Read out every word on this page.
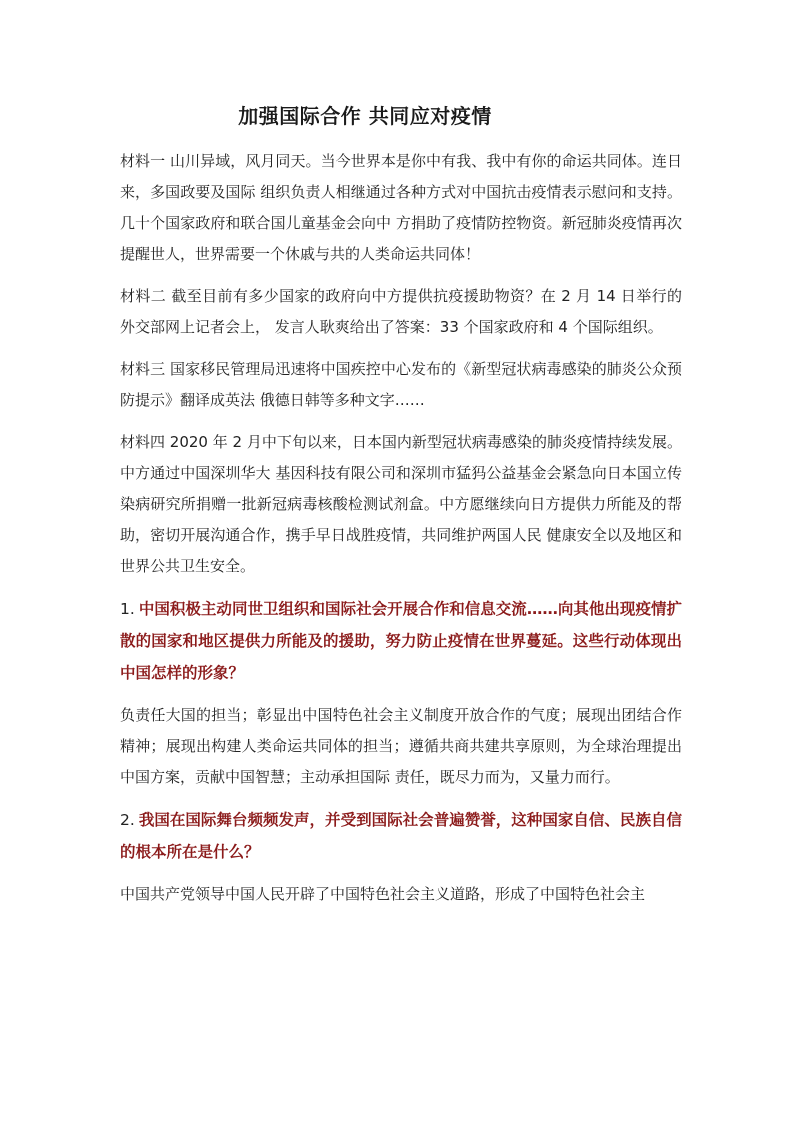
加强国际合作 共同应对疫情

材料一 山川异域，风月同天。当今世界本是你中有我、我中有你的命运共同体。连日来，多国政要及国际 组织负责人相继通过各种方式对中国抗击疫情表示慰问和支持。几十个国家政府和联合国儿童基金会向中 方捐助了疫情防控物资。新冠肺炎疫情再次提醒世人，世界需要一个休戚与共的人类命运共同体！

材料二 截至目前有多少国家的政府向中方提供抗疫援助物资？在 2 月 14 日举行的外交部网上记者会上， 发言人耿爽给出了答案：33 个国家政府和 4 个国际组织。

材料三 国家移民管理局迅速将中国疾控中心发布的《新型冠状病毒感染的肺炎公众预防提示》翻译成英法 俄德日韩等多种文字……

材料四 2020 年 2 月中下旬以来，日本国内新型冠状病毒感染的肺炎疫情持续发展。中方通过中国深圳华大 基因科技有限公司和深圳市猛犸公益基金会紧急向日本国立传染病研究所捐赠一批新冠病毒核酸检测试剂盒。中方愿继续向日方提供力所能及的帮助，密切开展沟通合作，携手早日战胜疫情，共同维护两国人民 健康安全以及地区和世界公共卫生安全。

1. 中国积极主动同世卫组织和国际社会开展合作和信息交流……向其他出现疫情扩散的国家和地区提供力所能及的援助，努力防止疫情在世界蔓延。这些行动体现出中国怎样的形象？

负责任大国的担当；彰显出中国特色社会主义制度开放合作的气度；展现出团结合作精神；展现出构建人类命运共同体的担当；遵循共商共建共享原则，为全球治理提出中国方案，贡献中国智慧；主动承担国际 责任，既尽力而为，又量力而行。

2. 我国在国际舞台频频发声，并受到国际社会普遍赞誉，这种国家自信、民族自信的根本所在是什么？

中国共产党领导中国人民开辟了中国特色社会主义道路，形成了中国特色社会主
